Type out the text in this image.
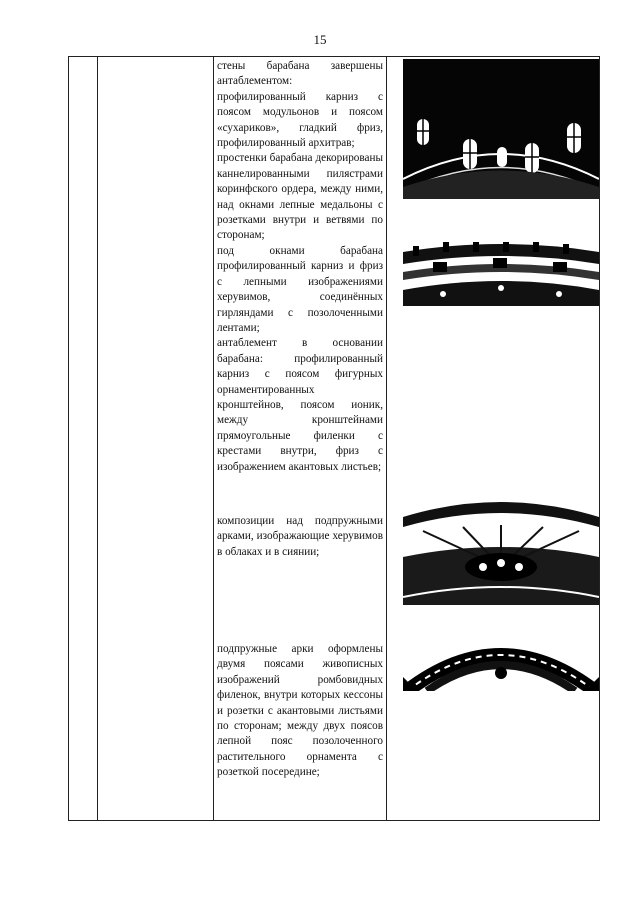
15

стены барабана завершены антаблементом:

профилированный карниз с поясом модульонов и поясом «сухариков», гладкий фриз, профилированный архитрав;

простенки барабана декорированы каннелированными пилястрами коринфского ордера, между ними, над окнами лепные медальоны с розетками внутри и ветвями по сторонам;

под окнами барабана профилированный карниз и фриз с лепными изображениями херувимов, соединённых гирляндами с позолоченными лентами;

антаблемент в основании барабана: профилированный карниз с поясом фигурных орнаментированных кронштейнов, поясом ионик, между кронштейнами прямоугольные филенки с крестами внутри, фриз с изображением акантовых листьев;

композиции над подпружными арками, изображающие херувимов в облаках и в сиянии;

подпружные арки оформлены двумя поясами живописных изображений ромбовидных филенок, внутри которых кессоны и розетки с акантовыми листьями по сторонам; между двух поясов лепной пояс позолоченного растительного орнамента с розеткой посередине;
